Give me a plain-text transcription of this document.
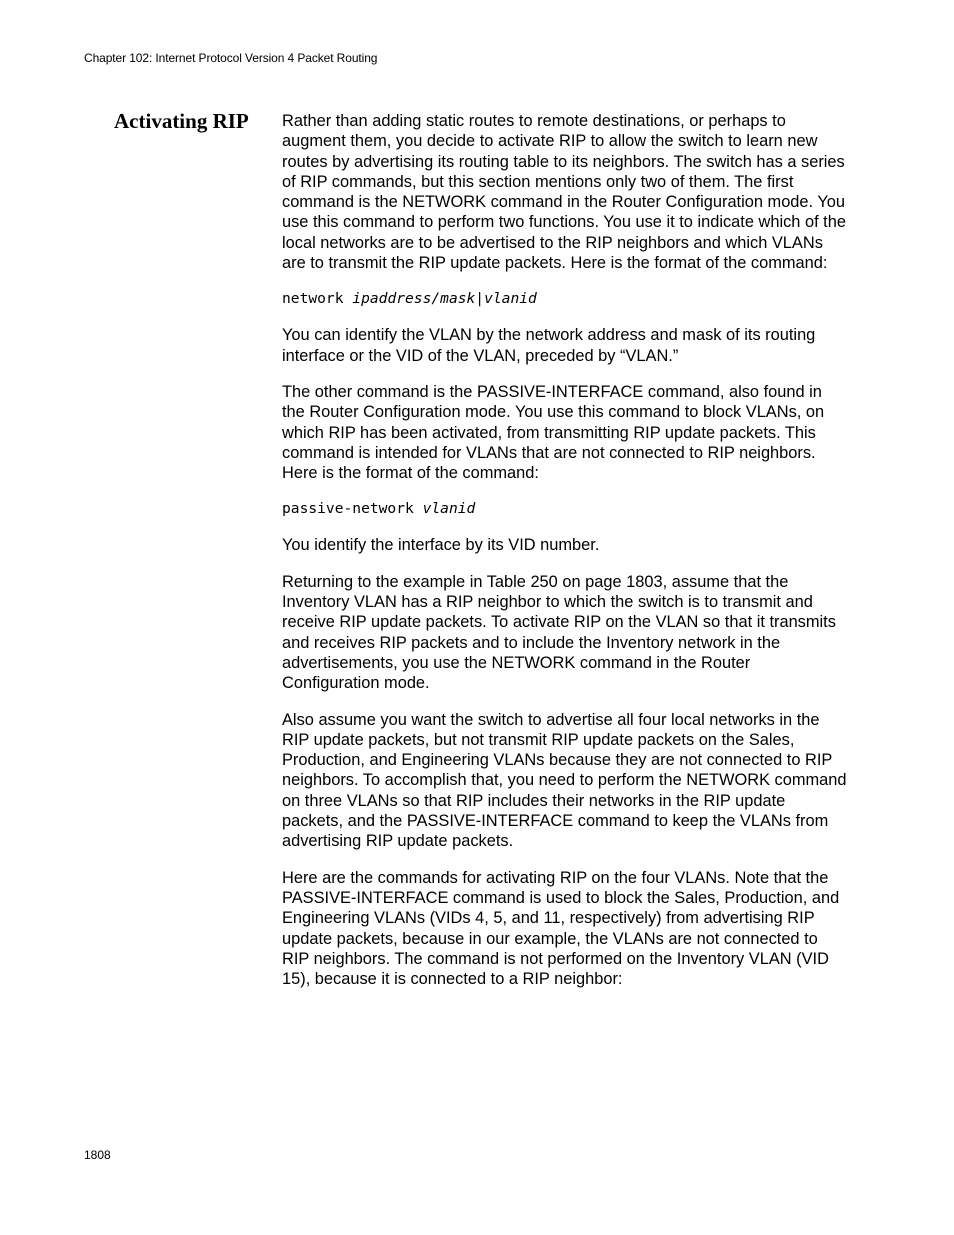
Chapter 102: Internet Protocol Version 4 Packet Routing
Activating RIP Rather than adding static routes to remote destinations, or perhaps to augment them, you decide to activate RIP to allow the switch to learn new routes by advertising its routing table to its neighbors. The switch has a series of RIP commands, but this section mentions only two of them. The first command is the NETWORK command in the Router Configuration mode. You use this command to perform two functions. You use it to indicate which of the local networks are to be advertised to the RIP neighbors and which VLANs are to transmit the RIP update packets. Here is the format of the command:

network ipaddress/mask|vlanid

You can identify the VLAN by the network address and mask of its routing interface or the VID of the VLAN, preceded by “VLAN.”

The other command is the PASSIVE-INTERFACE command, also found in the Router Configuration mode. You use this command to block VLANs, on which RIP has been activated, from transmitting RIP update packets. This command is intended for VLANs that are not connected to RIP neighbors. Here is the format of the command:

passive-network vlanid

You identify the interface by its VID number.

Returning to the example in Table 250 on page 1803, assume that the Inventory VLAN has a RIP neighbor to which the switch is to transmit and receive RIP update packets. To activate RIP on the VLAN so that it transmits and receives RIP packets and to include the Inventory network in the advertisements, you use the NETWORK command in the Router Configuration mode.

Also assume you want the switch to advertise all four local networks in the RIP update packets, but not transmit RIP update packets on the Sales, Production, and Engineering VLANs because they are not connected to RIP neighbors. To accomplish that, you need to perform the NETWORK command on three VLANs so that RIP includes their networks in the RIP update packets, and the PASSIVE-INTERFACE command to keep the VLANs from advertising RIP update packets.

Here are the commands for activating RIP on the four VLANs. Note that the PASSIVE-INTERFACE command is used to block the Sales, Production, and Engineering VLANs (VIDs 4, 5, and 11, respectively) from advertising RIP update packets, because in our example, the VLANs are not connected to RIP neighbors. The command is not performed on the Inventory VLAN (VID 15), because it is connected to a RIP neighbor:

1808
